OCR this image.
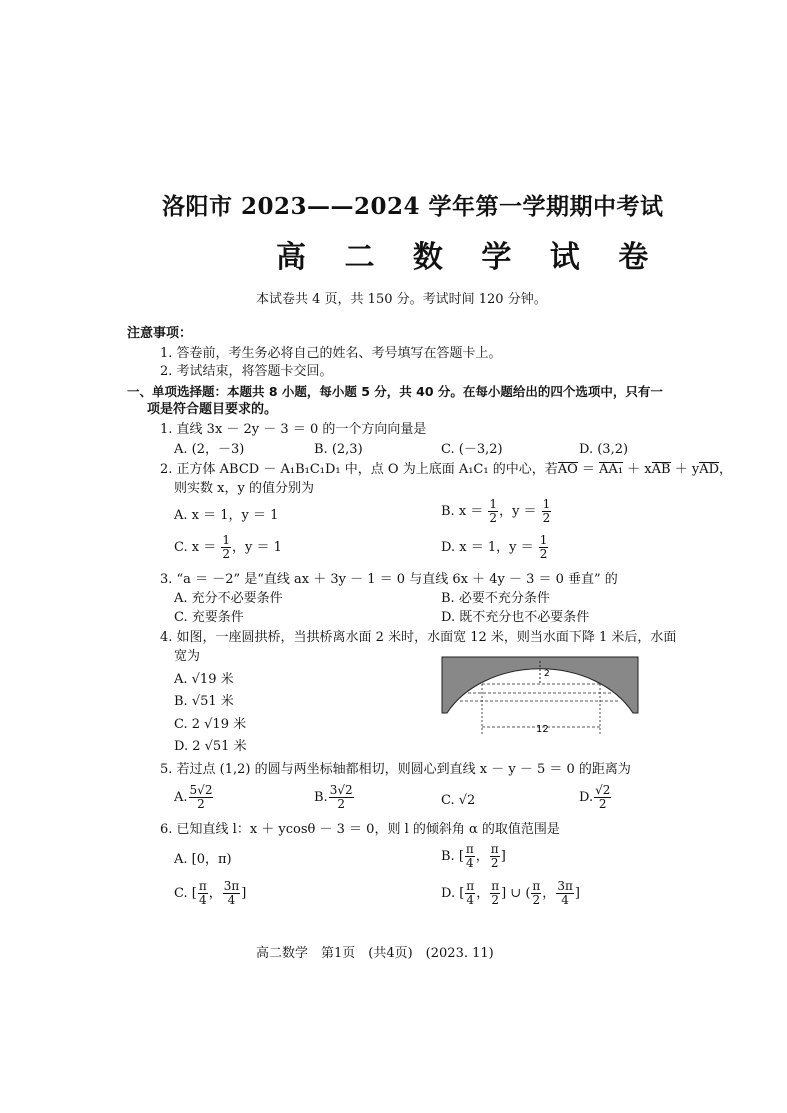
洛阳市 2023——2024 学年第一学期期中考试
高 二 数 学 试 卷
本试卷共 4 页，共 150 分。考试时间 120 分钟。
注意事项：
1. 答卷前，考生务必将自己的姓名、考号填写在答题卡上。
2. 考试结束，将答题卡交回。
一、单项选择题：本题共 8 小题，每小题 5 分，共 40 分。在每小题给出的四个选项中，只有一
项是符合题目要求的。
1. 直线 3x － 2y － 3 ＝ 0 的一个方向向量是
A. (2，－3)	B. (2,3)	C. (－3,2)	D. (3,2)
2. 正方体 ABCD － A₁B₁C₁D₁ 中，点 O 为上底面 A₁C₁ 的中心，若AO ＝ AA₁ ＋ xAB ＋ yAD，
则实数 x，y 的值分别为
A. x ＝ 1，y ＝ 1	B. $x = \frac{1}{2}$ ，$y = \frac{1}{2}$
C. $x = \frac{1}{2}$ ，y ＝ 1	D. x ＝ 1，$y = \frac{1}{2}$
3. “a ＝ －2” 是“直线 ax ＋ 3y － 1 ＝ 0 与直线 6x ＋ 4y － 3 ＝ 0 垂直” 的
A. 充分不必要条件	B. 必要不充分条件
C. 充要条件	D. 既不充分也不必要条件
4. 如图，一座圆拱桥，当拱桥离水面 2 米时，水面宽 12 米，则当水面下降 1 米后，水面
宽为
A. √19 米
B. √51 米
C. 2 √19 米
D. 2 √51 米
2
12
5. 若过点 (1,2) 的圆与两坐标轴都相切，则圆心到直线 x － y － 5 ＝ 0 的距离为
A. $\frac{5√2}{2}$	B. $\frac{3√2}{2}$	C. √2	D. $\frac{√2}{2}$
6. 已知直线 l：x ＋ ycosθ － 3 ＝ 0，则 l 的倾斜角 α 的取值范围是
A. [0，π)	B. [ $\frac{\pi}{4}$ ， $\frac{\pi}{2}$ ]
C. [ $\frac{\pi}{4}$ ， $\frac{3\pi}{4}$ ]	D. [ $\frac{\pi}{4}$ ， $\frac{\pi}{2}$ ] ∪ ( $\frac{\pi}{2}$ ， $\frac{3\pi}{4}$ ]
高二数学　第1页　(共4页)　(2023. 11)
